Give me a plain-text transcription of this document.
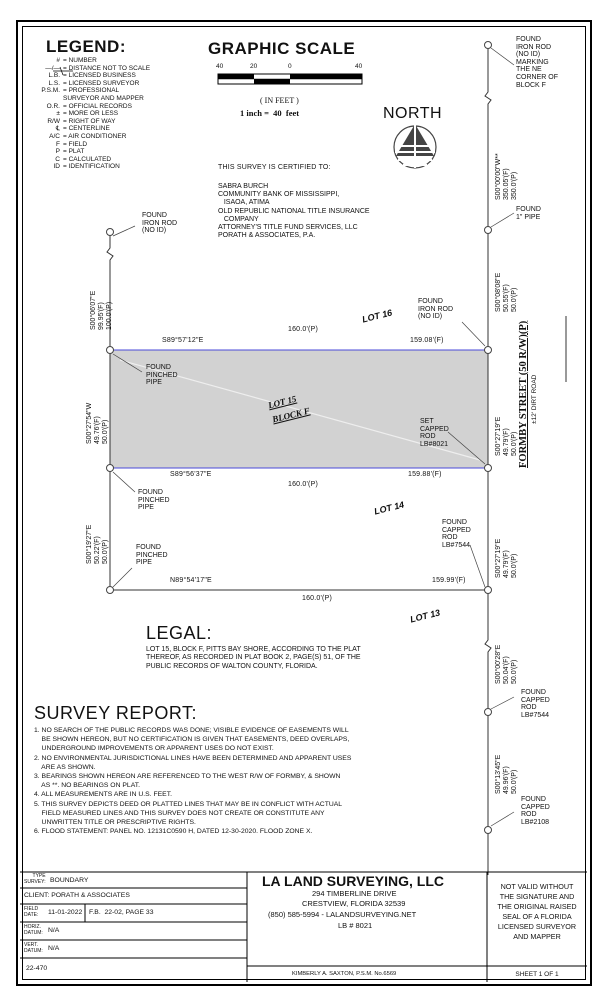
LEGEND:
# = NUMBER
—/— = DISTANCE NOT TO SCALE
L.B. = LICENSED BUSINESS
L.S. = LICENSED SURVEYOR
P.S.M. = PROFESSIONAL
SURVEYOR AND MAPPER
O.R. = OFFICIAL RECORDS
± = MORE OR LESS
R/W = RIGHT OF WAY
℄ = CENTERLINE
A/C = AIR CONDITIONER
F = FIELD
P = PLAT
C = CALCULATED
ID = IDENTIFICATION
GRAPHIC SCALE
40	20	0	40
( IN FEET )
1 inch =  40  feet	NORTH
THIS SURVEY IS CERTIFIED TO:
SABRA BURCH
COMMUNITY BANK OF MISSISSIPPI,
ISAOA, ATIMA
OLD REPUBLIC NATIONAL TITLE INSURANCE
COMPANY
ATTORNEY'S TITLE FUND SERVICES, LLC
PORATH & ASSOCIATES, P.A.
FOUND
IRON ROD
(NO ID)
MARKING
THE NE
CORNER OF
BLOCK F
FOUND
1" PIPE
FOUND
IRON ROD
(NO ID)
FOUND
IRON ROD
(NO ID)
FOUND
PINCHED
PIPE
SET
CAPPED
ROD
LB#8021
FOUND
PINCHED
PIPE
FOUND
PINCHED
PIPE
FOUND
CAPPED
ROD
LB#7544
FOUND
CAPPED
ROD
LB#7544
FOUND
CAPPED
ROD
LB#2108
S89°57'12"E
160.0'(P)
159.08'(F)
S89°56'37"E
160.0'(P)
159.88'(F)
N89°54'17"E
160.0'(P)
159.99'(F)
S00°06'07"E 99.95'(F) 100.0'(P)
S00°27'54"W 49.76'(F) 50.0'(P)
S00°19'27"E 50.22'(F) 50.0'(P)
S00°00'00"W** 350.05'(F) 350.0'(P)
S00°08'08"E 50.55'(F) 50.0'(P)
S00°27'19"E 49.79'(F) 50.0'(P)
S00°27'19"E 49.79'(F) 50.0'(P)
S00°00'28"E 50.04'(F) 50.0'(P)
S00°13'45"E 49.96'(F) 50.0'(P)
FORMBY STREET (50 R/W)(P) ±12' DIRT ROAD
LOT 16
LOT 15
BLOCK F
LOT 14
LOT 13
LEGAL:
LOT 15, BLOCK F, PITTS BAY SHORE, ACCORDING TO THE PLAT
THEREOF, AS RECORDED IN PLAT BOOK 2, PAGE(S) 51, OF THE
PUBLIC RECORDS OF WALTON COUNTY, FLORIDA.
SURVEY REPORT:
1. NO SEARCH OF THE PUBLIC RECORDS WAS DONE; VISIBLE EVIDENCE OF EASEMENTS WILL
BE SHOWN HEREON, BUT NO CERTIFICATION IS GIVEN THAT EASEMENTS, DEED OVERLAPS,
UNDERGROUND IMPROVEMENTS OR APPARENT USES DO NOT EXIST.
2. NO ENVIRONMENTAL JURISDICTIONAL LINES HAVE BEEN DETERMINED AND APPARENT USES
ARE AS SHOWN.
3. BEARINGS SHOWN HEREON ARE REFERENCED TO THE WEST R/W OF FORMBY, & SHOWN
AS **. NO BEARINGS ON PLAT.
4. ALL MEASUREMENTS ARE IN U.S. FEET.
5. THIS SURVEY DEPICTS DEED OR PLATTED LINES THAT MAY BE IN CONFLICT WITH ACTUAL
FIELD MEASURED LINES AND THIS SURVEY DOES NOT CREATE OR CONSTITUTE ANY
UNWRITTEN TITLE OR PRESCRIPTIVE RIGHTS.
6. FLOOD STATEMENT: PANEL NO. 12131C0590 H, DATED 12-30-2020. FLOOD ZONE X.
TYPE
SURVEY: BOUNDARY
CLIENT: PORATH & ASSOCIATES
FIELD
DATE: 11-01-2022 F.B.  22-02, PAGE 33
HORIZ.
DATUM: N/A
VERT.
DATUM: N/A
22-470
LA LAND SURVEYING, LLC
294 TIMBERLINE DRIVE
CRESTVIEW, FLORIDA 32539
(850) 585-5994 - LALANDSURVEYING.NET
LB # 8021
KIMBERLY A. SAXTON, P.S.M. No.6569
NOT VALID WITHOUT
THE SIGNATURE AND
THE ORIGINAL RAISED
SEAL OF A FLORIDA
LICENSED SURVEYOR
AND MAPPER
SHEET 1 OF 1
